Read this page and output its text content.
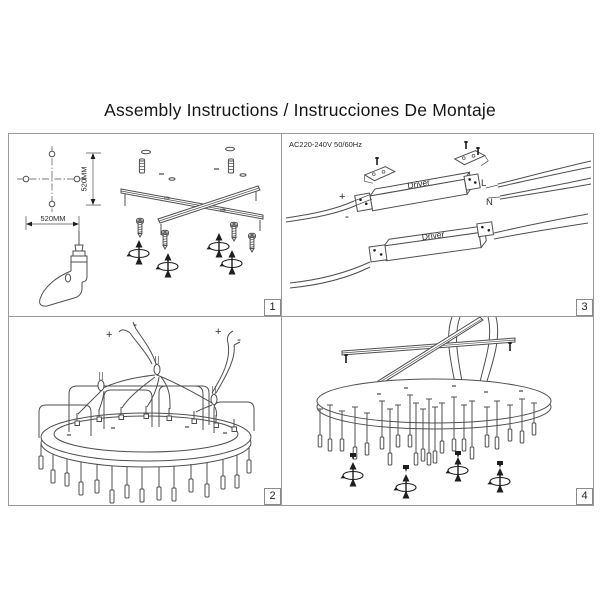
Assembly Instructions / Instrucciones De Montaje
520MM
520MM
1
AC220-240V 50/60Hz
Driver
+
-
L
N
Driver
3
+
-
+ -
2	4
